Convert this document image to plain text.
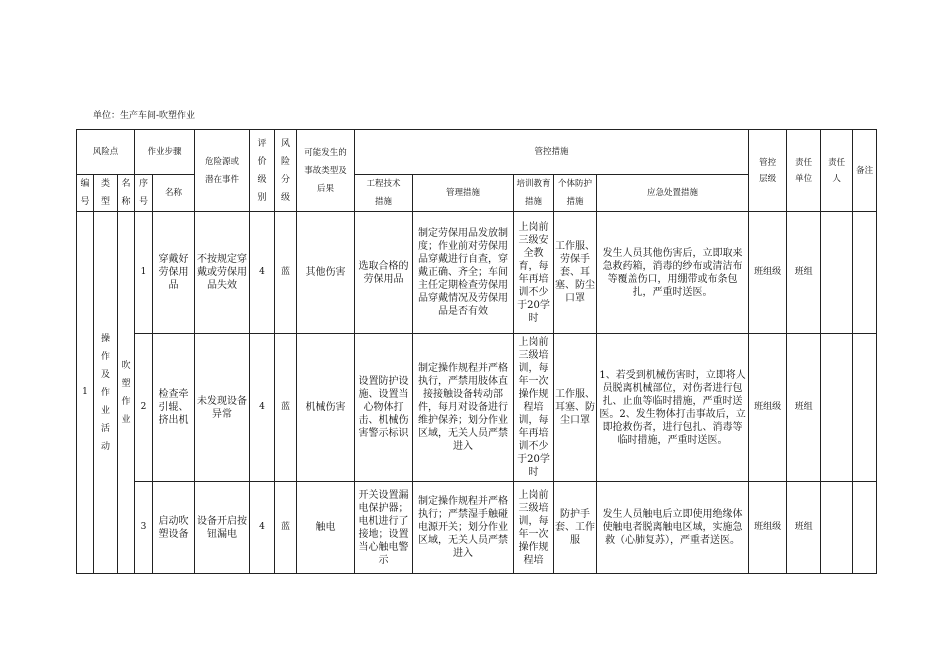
单位：生产车间-吹塑作业
风险点			作业步骤		危险源或潜在事件	评价级别	风险分级	可能发生的事故类型及后果	管控措施					管控层级	责任单位	责任人	备注

编号	类型	名称	序号	名称					工程技术措施	管理措施	培训教育措施	个体防护措施	应急处置措施				
1	操作及作业活动	吹塑作业	1	穿戴好劳保用品	不按规定穿戴或劳保用品失效	4	蓝	其他伤害	选取合格的劳保用品	制定劳保用品发放制度；作业前对劳保用品穿戴进行自查，穿戴正确、齐全；车间主任定期检查劳保用品穿戴情况及劳保用品是否有效	上岗前三级安全教育，每年再培训不少于20学时	工作服、劳保手套、耳塞、防尘口罩	发生人员其他伤害后，立即取来急救药箱，消毒的纱布或清洁布等覆盖伤口，用绷带或布条包扎，严重时送医。	班组级	班组		
			2	检查牵引辊、挤出机	未发现设备异常	4	蓝	机械伤害	设置防护设施、设置当心物体打击、机械伤害警示标识	制定操作规程并严格执行，严禁用肢体直接接触设备转动部件，每月对设备进行维护保养；划分作业区域，无关人员严禁进入	上岗前三级培训，每年一次操作规程培训，每年再培训不少于20学时	工作服、耳塞、防尘口罩	1、若受到机械伤害时，立即将人员脱离机械部位，对伤者进行包扎、止血等临时措施，严重时送医。2、发生物体打击事故后，立即抢救伤者，进行包扎、消毒等临时措施，严重时送医。	班组级	班组		
			3	启动吹塑设备	设备开启按钮漏电	4	蓝	触电	开关设置漏电保护器；电机进行了接地；设置当心触电警示	制定操作规程并严格执行；严禁湿手触碰电源开关；划分作业区域，无关人员严禁进入	上岗前三级培训，每年一次操作规程培	防护手套、工作服	发生人员触电后立即使用绝缘体使触电者脱离触电区域，实施急救（心肺复苏），严重者送医。	班组级	班组		
